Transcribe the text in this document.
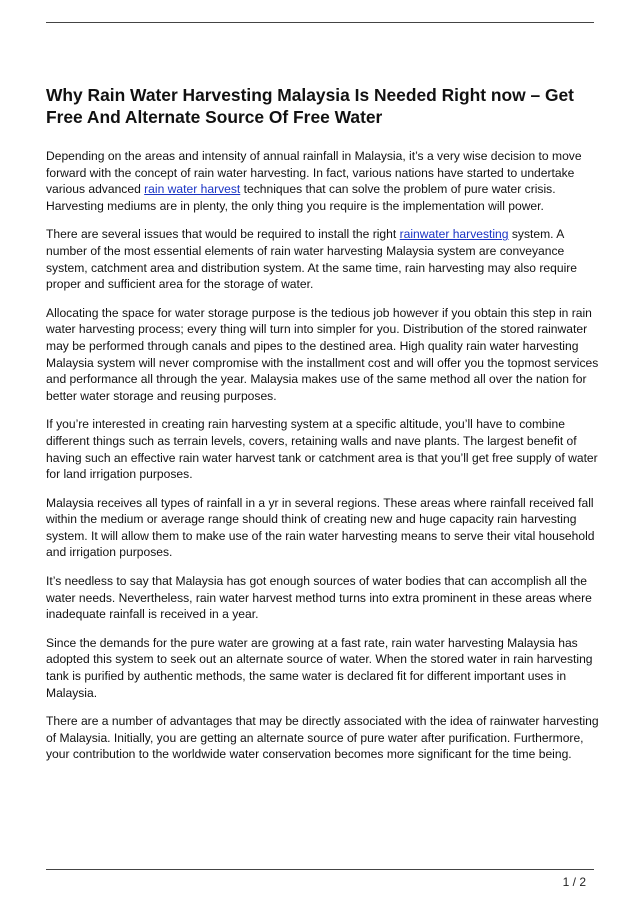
Why Rain Water Harvesting Malaysia Is Needed Right now – Get Free And Alternate Source Of Free Water

Depending on the areas and intensity of annual rainfall in Malaysia, it’s a very wise decision to move forward with the concept of rain water harvesting. In fact, various nations have started to undertake various advanced rain water harvest techniques that can solve the problem of pure water crisis. Harvesting mediums are in plenty, the only thing you require is the implementation will power.

There are several issues that would be required to install the right rainwater harvesting system. A number of the most essential elements of rain water harvesting Malaysia system are conveyance system, catchment area and distribution system. At the same time, rain harvesting may also require proper and sufficient area for the storage of water.

Allocating the space for water storage purpose is the tedious job however if you obtain this step in rain water harvesting process; every thing will turn into simpler for you. Distribution of the stored rainwater may be performed through canals and pipes to the destined area. High quality rain water harvesting Malaysia system will never compromise with the installment cost and will offer you the topmost services and performance all through the year. Malaysia makes use of the same method all over the nation for better water storage and reusing purposes.

If you’re interested in creating rain harvesting system at a specific altitude, you’ll have to combine different things such as terrain levels, covers, retaining walls and nave plants. The largest benefit of having such an effective rain water harvest tank or catchment area is that you’ll get free supply of water for land irrigation purposes.

Malaysia receives all types of rainfall in a yr in several regions. These areas where rainfall received fall within the medium or average range should think of creating new and huge capacity rain harvesting system. It will allow them to make use of the rain water harvesting means to serve their vital household and irrigation purposes.

It’s needless to say that Malaysia has got enough sources of water bodies that can accomplish all the water needs. Nevertheless, rain water harvest method turns into extra prominent in these areas where inadequate rainfall is received in a year.

Since the demands for the pure water are growing at a fast rate, rain water harvesting Malaysia has adopted this system to seek out an alternate source of water. When the stored water in rain harvesting tank is purified by authentic methods, the same water is declared fit for different important uses in Malaysia.

There are a number of advantages that may be directly associated with the idea of rainwater harvesting of Malaysia. Initially, you are getting an alternate source of pure water after purification. Furthermore, your contribution to the worldwide water conservation becomes more significant for the time being.

1 / 2
